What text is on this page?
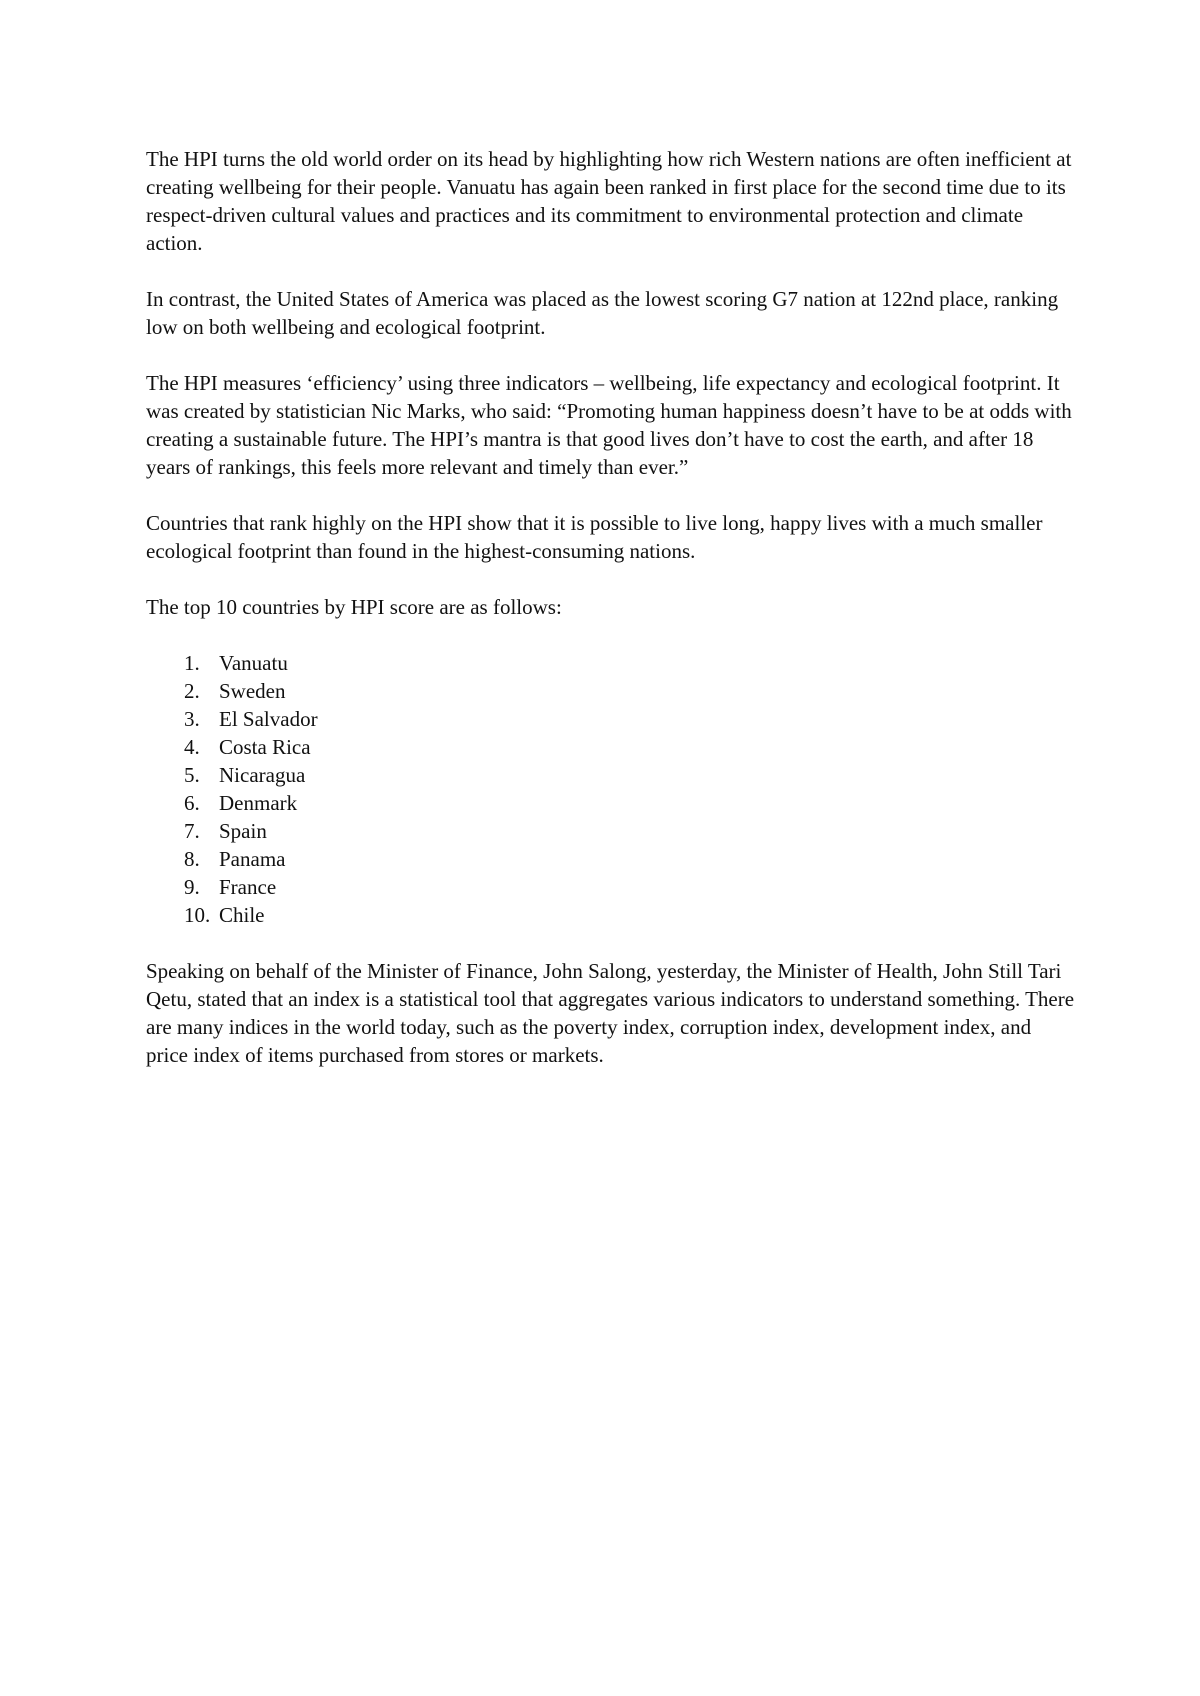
The HPI turns the old world order on its head by highlighting how rich Western nations are often inefficient at creating wellbeing for their people. Vanuatu has again been ranked in first place for the second time due to its respect-driven cultural values and practices and its commitment to environmental protection and climate action.

In contrast, the United States of America was placed as the lowest scoring G7 nation at 122nd place, ranking low on both wellbeing and ecological footprint.

The HPI measures ‘efficiency’ using three indicators – wellbeing, life expectancy and ecological footprint. It was created by statistician Nic Marks, who said: “Promoting human happiness doesn’t have to be at odds with creating a sustainable future. The HPI’s mantra is that good lives don’t have to cost the earth, and after 18 years of rankings, this feels more relevant and timely than ever.”

Countries that rank highly on the HPI show that it is possible to live long, happy lives with a much smaller ecological footprint than found in the highest-consuming nations.

The top 10 countries by HPI score are as follows:

1. Vanuatu
2. Sweden
3. El Salvador
4. Costa Rica
5. Nicaragua
6. Denmark
7. Spain
8. Panama
9. France
10. Chile

Speaking on behalf of the Minister of Finance, John Salong, yesterday, the Minister of Health, John Still Tari Qetu, stated that an index is a statistical tool that aggregates various indicators to understand something. There are many indices in the world today, such as the poverty index, corruption index, development index, and price index of items purchased from stores or markets.
